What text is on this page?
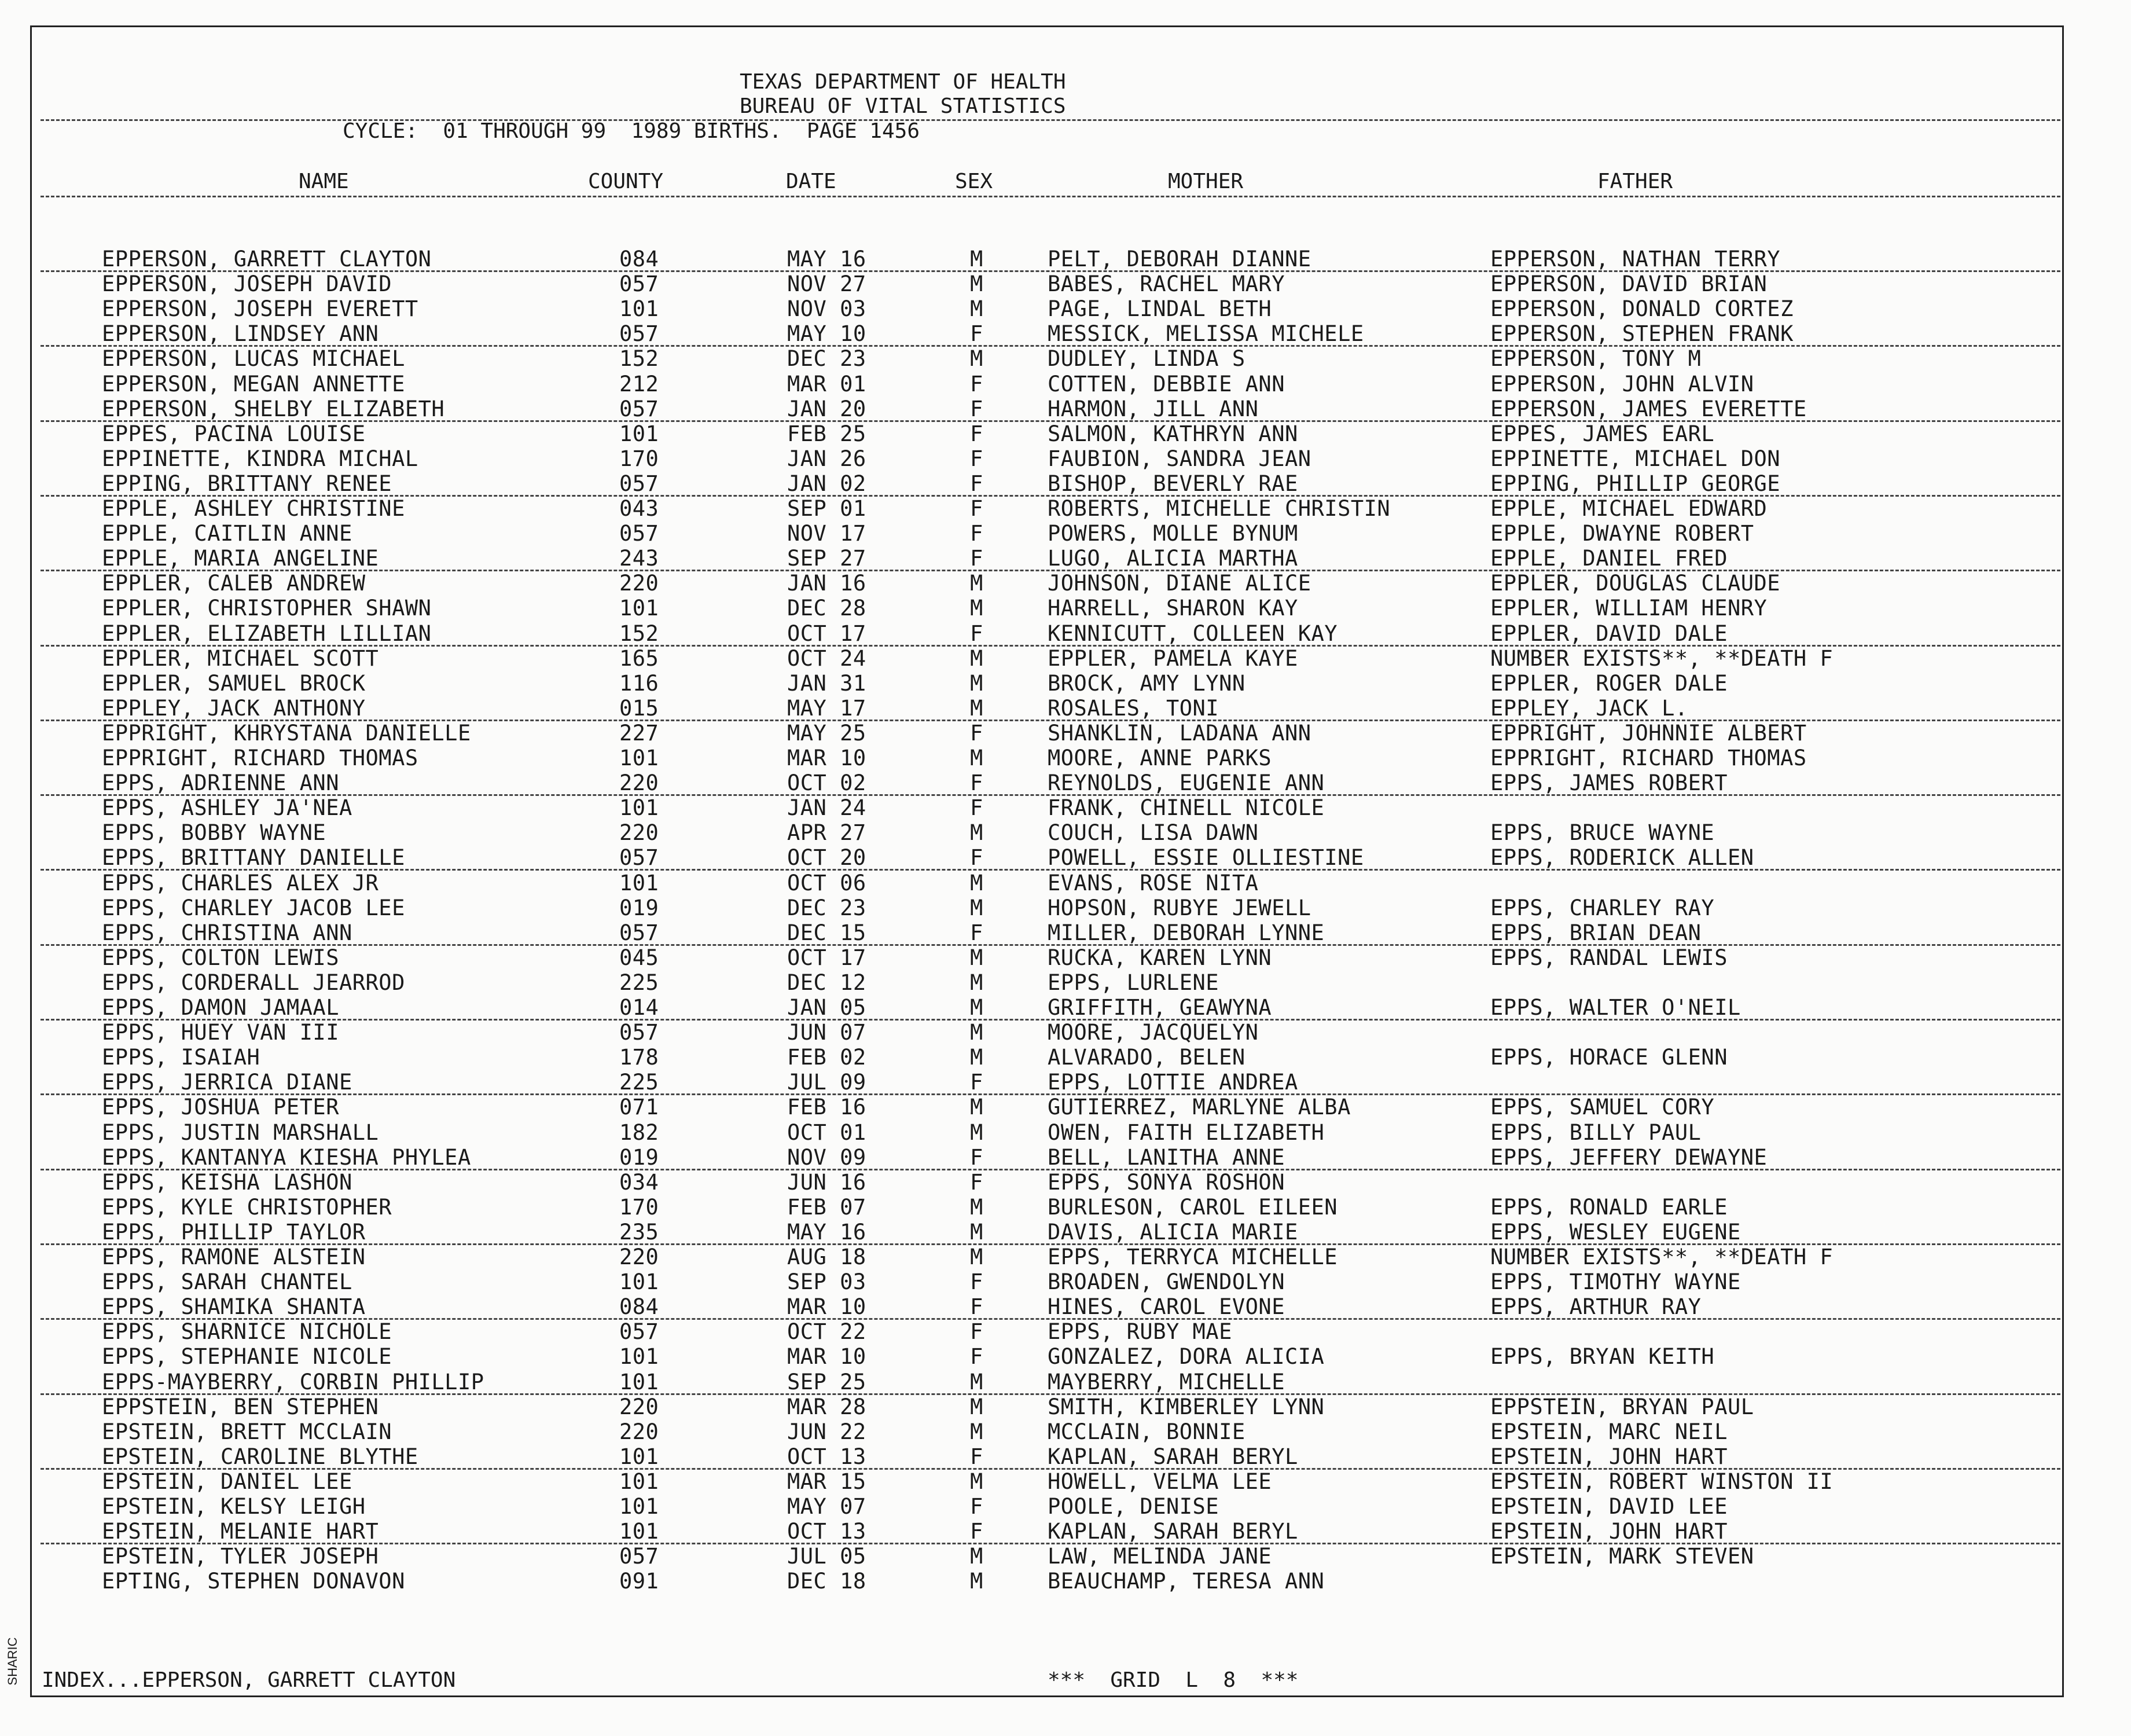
SHARIC
TEXAS DEPARTMENT OF HEALTH
BUREAU OF VITAL STATISTICS
CYCLE:  01 THROUGH 99  1989 BIRTHS.  PAGE 1456
NAME	COUNTY	DATE	SEX	MOTHER	FATHER
EPPERSON, GARRETT CLAYTON	084	MAY 16	M	PELT, DEBORAH DIANNE	EPPERSON, NATHAN TERRY
EPPERSON, JOSEPH DAVID	057	NOV 27	M	BABES, RACHEL MARY	EPPERSON, DAVID BRIAN
EPPERSON, JOSEPH EVERETT	101	NOV 03	M	PAGE, LINDAL BETH	EPPERSON, DONALD CORTEZ
EPPERSON, LINDSEY ANN	057	MAY 10	F	MESSICK, MELISSA MICHELE	EPPERSON, STEPHEN FRANK
EPPERSON, LUCAS MICHAEL	152	DEC 23	M	DUDLEY, LINDA S	EPPERSON, TONY M
EPPERSON, MEGAN ANNETTE	212	MAR 01	F	COTTEN, DEBBIE ANN	EPPERSON, JOHN ALVIN
EPPERSON, SHELBY ELIZABETH	057	JAN 20	F	HARMON, JILL ANN	EPPERSON, JAMES EVERETTE
EPPES, PACINA LOUISE	101	FEB 25	F	SALMON, KATHRYN ANN	EPPES, JAMES EARL
EPPINETTE, KINDRA MICHAL	170	JAN 26	F	FAUBION, SANDRA JEAN	EPPINETTE, MICHAEL DON
EPPING, BRITTANY RENEE	057	JAN 02	F	BISHOP, BEVERLY RAE	EPPING, PHILLIP GEORGE
EPPLE, ASHLEY CHRISTINE	043	SEP 01	F	ROBERTS, MICHELLE CHRISTIN	EPPLE, MICHAEL EDWARD
EPPLE, CAITLIN ANNE	057	NOV 17	F	POWERS, MOLLE BYNUM	EPPLE, DWAYNE ROBERT
EPPLE, MARIA ANGELINE	243	SEP 27	F	LUGO, ALICIA MARTHA	EPPLE, DANIEL FRED
EPPLER, CALEB ANDREW	220	JAN 16	M	JOHNSON, DIANE ALICE	EPPLER, DOUGLAS CLAUDE
EPPLER, CHRISTOPHER SHAWN	101	DEC 28	M	HARRELL, SHARON KAY	EPPLER, WILLIAM HENRY
EPPLER, ELIZABETH LILLIAN	152	OCT 17	F	KENNICUTT, COLLEEN KAY	EPPLER, DAVID DALE
EPPLER, MICHAEL SCOTT	165	OCT 24	M	EPPLER, PAMELA KAYE	NUMBER EXISTS**, **DEATH F
EPPLER, SAMUEL BROCK	116	JAN 31	M	BROCK, AMY LYNN	EPPLER, ROGER DALE
EPPLEY, JACK ANTHONY	015	MAY 17	M	ROSALES, TONI	EPPLEY, JACK L.
EPPRIGHT, KHRYSTANA DANIELLE	227	MAY 25	F	SHANKLIN, LADANA ANN	EPPRIGHT, JOHNNIE ALBERT
EPPRIGHT, RICHARD THOMAS	101	MAR 10	M	MOORE, ANNE PARKS	EPPRIGHT, RICHARD THOMAS
EPPS, ADRIENNE ANN	220	OCT 02	F	REYNOLDS, EUGENIE ANN	EPPS, JAMES ROBERT
EPPS, ASHLEY JA'NEA	101	JAN 24	F	FRANK, CHINELL NICOLE
EPPS, BOBBY WAYNE	220	APR 27	M	COUCH, LISA DAWN	EPPS, BRUCE WAYNE
EPPS, BRITTANY DANIELLE	057	OCT 20	F	POWELL, ESSIE OLLIESTINE	EPPS, RODERICK ALLEN
EPPS, CHARLES ALEX JR	101	OCT 06	M	EVANS, ROSE NITA
EPPS, CHARLEY JACOB LEE	019	DEC 23	M	HOPSON, RUBYE JEWELL	EPPS, CHARLEY RAY
EPPS, CHRISTINA ANN	057	DEC 15	F	MILLER, DEBORAH LYNNE	EPPS, BRIAN DEAN
EPPS, COLTON LEWIS	045	OCT 17	M	RUCKA, KAREN LYNN	EPPS, RANDAL LEWIS
EPPS, CORDERALL JEARROD	225	DEC 12	M	EPPS, LURLENE
EPPS, DAMON JAMAAL	014	JAN 05	M	GRIFFITH, GEAWYNA	EPPS, WALTER O'NEIL
EPPS, HUEY VAN III	057	JUN 07	M	MOORE, JACQUELYN
EPPS, ISAIAH	178	FEB 02	M	ALVARADO, BELEN	EPPS, HORACE GLENN
EPPS, JERRICA DIANE	225	JUL 09	F	EPPS, LOTTIE ANDREA
EPPS, JOSHUA PETER	071	FEB 16	M	GUTIERREZ, MARLYNE ALBA	EPPS, SAMUEL CORY
EPPS, JUSTIN MARSHALL	182	OCT 01	M	OWEN, FAITH ELIZABETH	EPPS, BILLY PAUL
EPPS, KANTANYA KIESHA PHYLEA	019	NOV 09	F	BELL, LANITHA ANNE	EPPS, JEFFERY DEWAYNE
EPPS, KEISHA LASHON	034	JUN 16	F	EPPS, SONYA ROSHON
EPPS, KYLE CHRISTOPHER	170	FEB 07	M	BURLESON, CAROL EILEEN	EPPS, RONALD EARLE
EPPS, PHILLIP TAYLOR	235	MAY 16	M	DAVIS, ALICIA MARIE	EPPS, WESLEY EUGENE
EPPS, RAMONE ALSTEIN	220	AUG 18	M	EPPS, TERRYCA MICHELLE	NUMBER EXISTS**, **DEATH F
EPPS, SARAH CHANTEL	101	SEP 03	F	BROADEN, GWENDOLYN	EPPS, TIMOTHY WAYNE
EPPS, SHAMIKA SHANTA	084	MAR 10	F	HINES, CAROL EVONE	EPPS, ARTHUR RAY
EPPS, SHARNICE NICHOLE	057	OCT 22	F	EPPS, RUBY MAE
EPPS, STEPHANIE NICOLE	101	MAR 10	F	GONZALEZ, DORA ALICIA	EPPS, BRYAN KEITH
EPPS-MAYBERRY, CORBIN PHILLIP	101	SEP 25	M	MAYBERRY, MICHELLE
EPPSTEIN, BEN STEPHEN	220	MAR 28	M	SMITH, KIMBERLEY LYNN	EPPSTEIN, BRYAN PAUL
EPSTEIN, BRETT MCCLAIN	220	JUN 22	M	MCCLAIN, BONNIE	EPSTEIN, MARC NEIL
EPSTEIN, CAROLINE BLYTHE	101	OCT 13	F	KAPLAN, SARAH BERYL	EPSTEIN, JOHN HART
EPSTEIN, DANIEL LEE	101	MAR 15	M	HOWELL, VELMA LEE	EPSTEIN, ROBERT WINSTON II
EPSTEIN, KELSY LEIGH	101	MAY 07	F	POOLE, DENISE	EPSTEIN, DAVID LEE
EPSTEIN, MELANIE HART	101	OCT 13	F	KAPLAN, SARAH BERYL	EPSTEIN, JOHN HART
EPSTEIN, TYLER JOSEPH	057	JUL 05	M	LAW, MELINDA JANE	EPSTEIN, MARK STEVEN
EPTING, STEPHEN DONAVON	091	DEC 18	M	BEAUCHAMP, TERESA ANN
INDEX...EPPERSON, GARRETT CLAYTON	***  GRID  L  8  ***
